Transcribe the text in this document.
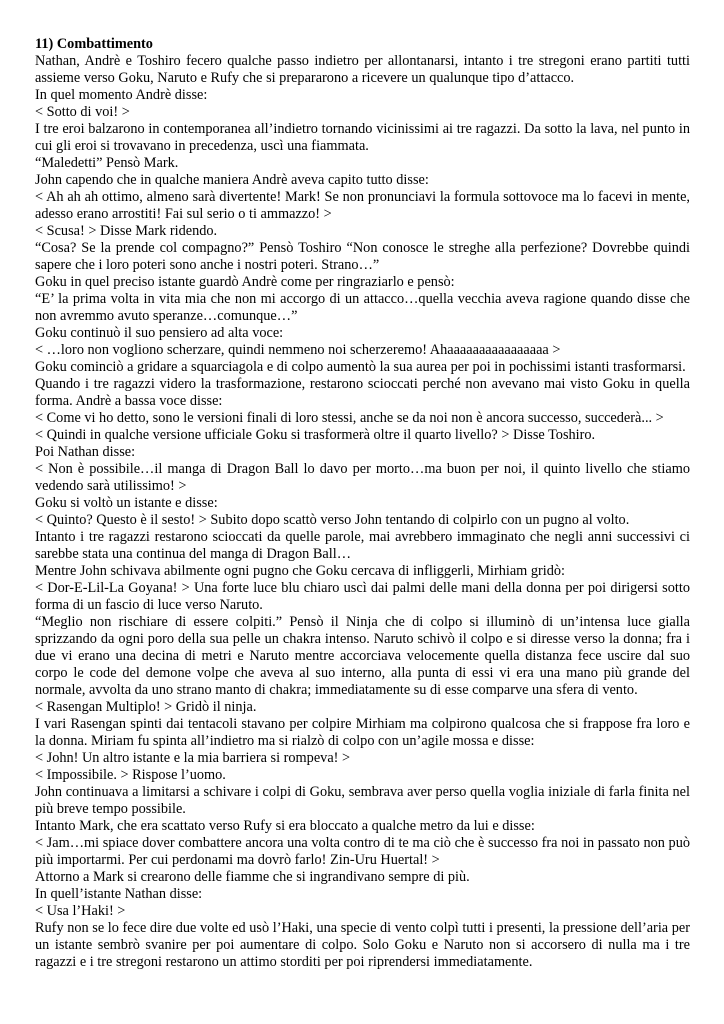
11) Combattimento

Nathan, Andrè e Toshiro fecero qualche passo indietro per allontanarsi, intanto i tre stregoni erano partiti tutti assieme verso Goku, Naruto e Rufy che si prepararono a ricevere un qualunque tipo d’attacco.

In quel momento Andrè disse:

< Sotto di voi! >

I tre eroi balzarono in contemporanea all’indietro tornando vicinissimi ai tre ragazzi. Da sotto la lava, nel punto in cui gli eroi si trovavano in precedenza, uscì una fiammata.

“Maledetti” Pensò Mark.

John capendo che in qualche maniera Andrè aveva capito tutto disse:

< Ah ah ah ottimo, almeno sarà divertente! Mark! Se non pronunciavi la formula sottovoce ma lo facevi in mente, adesso erano arrostiti! Fai sul serio o ti ammazzo! >

< Scusa! > Disse Mark ridendo.

“Cosa? Se la prende col compagno?” Pensò Toshiro “Non conosce le streghe alla perfezione? Dovrebbe quindi sapere che i loro poteri sono anche i nostri poteri. Strano…”

Goku in quel preciso istante guardò Andrè come per ringraziarlo e pensò:

“E’ la prima volta in vita mia che non mi accorgo di un attacco…quella vecchia aveva ragione quando disse che non avremmo avuto speranze…comunque…”

Goku continuò il suo pensiero ad alta voce:

< …loro non vogliono scherzare, quindi nemmeno noi scherzeremo! Ahaaaaaaaaaaaaaaaa >

Goku cominciò a gridare a squarciagola e di colpo aumentò la sua aurea per poi in pochissimi istanti trasformarsi.

Quando i tre ragazzi videro la trasformazione, restarono scioccati perché non avevano mai visto Goku in quella forma. Andrè a bassa voce disse:

< Come vi ho detto, sono le versioni finali di loro stessi, anche se da noi non è ancora successo, succederà... >

< Quindi in qualche versione ufficiale Goku si trasformerà oltre il quarto livello? > Disse Toshiro.

Poi Nathan disse:

< Non è possibile…il manga di Dragon Ball lo davo per morto…ma buon per noi, il quinto livello che stiamo vedendo sarà utilissimo! >

Goku si voltò un istante e disse:

< Quinto? Questo è il sesto! > Subito dopo scattò verso John tentando di colpirlo con un pugno al volto.

Intanto i tre ragazzi restarono scioccati da quelle parole, mai avrebbero immaginato che negli anni successivi ci sarebbe stata una continua del manga di Dragon Ball…

Mentre John schivava abilmente ogni pugno che Goku cercava di infliggerli, Mirhiam gridò:

< Dor-E-Lil-La Goyana! > Una forte luce blu chiaro uscì dai palmi delle mani della donna per poi dirigersi sotto forma di un fascio di luce verso Naruto.

“Meglio non rischiare di essere colpiti.” Pensò il Ninja che di colpo si illuminò di un’intensa luce gialla sprizzando da ogni poro della sua pelle un chakra intenso. Naruto schivò il colpo e si diresse verso la donna; fra i due vi erano una decina di metri e Naruto mentre accorciava velocemente quella distanza fece uscire dal suo corpo le code del demone volpe che aveva al suo interno, alla punta di essi vi era una mano più grande del normale, avvolta da uno strano manto di chakra; immediatamente su di esse comparve una sfera di vento.

< Rasengan Multiplo! > Gridò il ninja.

I vari Rasengan spinti dai tentacoli stavano per colpire Mirhiam ma colpirono qualcosa che si frappose fra loro e la donna. Miriam fu spinta all’indietro ma si rialzò di colpo con un’agile mossa e disse:

< John! Un altro istante e la mia barriera si rompeva! >

< Impossibile. > Rispose l’uomo.

John continuava a limitarsi a schivare i colpi di Goku, sembrava aver perso quella voglia iniziale di farla finita nel più breve tempo possibile.

Intanto Mark, che era scattato verso Rufy si era bloccato a qualche metro da lui e disse:

< Jam…mi spiace dover combattere ancora una volta contro di te ma ciò che è successo fra noi in passato non può più importarmi. Per cui perdonami ma dovrò farlo! Zin-Uru Huertal! >

Attorno a Mark si crearono delle fiamme che si ingrandivano sempre di più.

In quell’istante Nathan disse:

< Usa l’Haki! >

Rufy non se lo fece dire due volte ed usò l’Haki, una specie di vento colpì tutti i presenti, la pressione dell’aria per un istante sembrò svanire per poi aumentare di colpo. Solo Goku e Naruto non si accorsero di nulla ma i tre ragazzi e i tre stregoni restarono un attimo storditi per poi riprendersi immediatamente.
